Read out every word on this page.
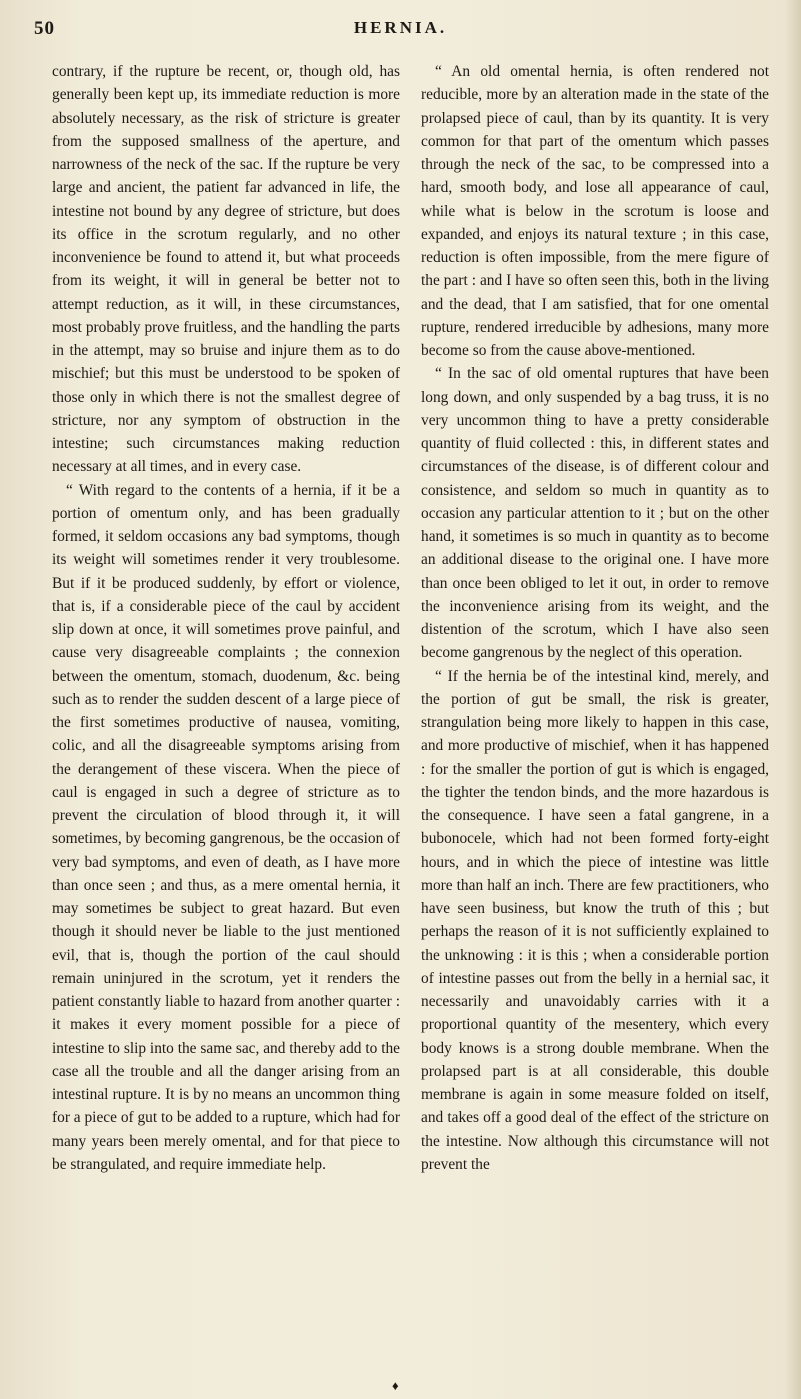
50	HERNIA.

contrary, if the rupture be recent, or, though old, has generally been kept up, its immediate reduction is more absolutely necessary, as the risk of stricture is greater from the supposed smallness of the aperture, and narrowness of the neck of the sac. If the rupture be very large and ancient, the patient far advanced in life, the intestine not bound by any degree of stricture, but does its office in the scrotum regularly, and no other inconvenience be found to attend it, but what proceeds from its weight, it will in general be better not to attempt reduction, as it will, in these circumstances, most probably prove fruitless, and the handling the parts in the attempt, may so bruise and injure them as to do mischief; but this must be understood to be spoken of those only in which there is not the smallest degree of stricture, nor any symptom of obstruction in the intestine; such circumstances making reduction necessary at all times, and in every case.

“ With regard to the contents of a hernia, if it be a portion of omentum only, and has been gradually formed, it seldom occasions any bad symptoms, though its weight will sometimes render it very troublesome. But if it be produced suddenly, by effort or violence, that is, if a considerable piece of the caul by accident slip down at once, it will sometimes prove painful, and cause very disagreeable complaints ; the connexion between the omentum, stomach, duodenum, &c. being such as to render the sudden descent of a large piece of the first sometimes productive of nausea, vomiting, colic, and all the disagreeable symptoms arising from the derangement of these viscera. When the piece of caul is engaged in such a degree of stricture as to prevent the circulation of blood through it, it will sometimes, by becoming gangrenous, be the occasion of very bad symptoms, and even of death, as I have more than once seen ; and thus, as a mere omental hernia, it may sometimes be subject to great hazard. But even though it should never be liable to the just mentioned evil, that is, though the portion of the caul should remain uninjured in the scrotum, yet it renders the patient constantly liable to hazard from another quarter : it makes it every moment possible for a piece of intestine to slip into the same sac, and thereby add to the case all the trouble and all the danger arising from an intestinal rupture. It is by no means an uncommon thing for a piece of gut to be added to a rupture, which had for many years been merely omental, and for that piece to be strangulated, and require immediate help.

“ An old omental hernia, is often rendered not reducible, more by an alteration made in the state of the prolapsed piece of caul, than by its quantity. It is very common for that part of the omentum which passes through the neck of the sac, to be compressed into a hard, smooth body, and lose all appearance of caul, while what is below in the scrotum is loose and expanded, and enjoys its natural texture ; in this case, reduction is often impossible, from the mere figure of the part : and I have so often seen this, both in the living and the dead, that I am satisfied, that for one omental rupture, rendered irreducible by adhesions, many more become so from the cause above-mentioned.

“ In the sac of old omental ruptures that have been long down, and only suspended by a bag truss, it is no very uncommon thing to have a pretty considerable quantity of fluid collected : this, in different states and circumstances of the disease, is of different colour and consistence, and seldom so much in quantity as to occasion any particular attention to it ; but on the other hand, it sometimes is so much in quantity as to become an additional disease to the original one. I have more than once been obliged to let it out, in order to remove the inconvenience arising from its weight, and the distention of the scrotum, which I have also seen become gangrenous by the neglect of this operation.

“ If the hernia be of the intestinal kind, merely, and the portion of gut be small, the risk is greater, strangulation being more likely to happen in this case, and more productive of mischief, when it has happened : for the smaller the portion of gut is which is engaged, the tighter the tendon binds, and the more hazardous is the consequence. I have seen a fatal gangrene, in a bubonocele, which had not been formed forty-eight hours, and in which the piece of intestine was little more than half an inch. There are few practitioners, who have seen business, but know the truth of this ; but perhaps the reason of it is not sufficiently explained to the unknowing : it is this ; when a considerable portion of intestine passes out from the belly in a hernial sac, it necessarily and unavoidably carries with it a proportional quantity of the mesentery, which every body knows is a strong double membrane. When the prolapsed part is at all considerable, this double membrane is again in some measure folded on itself, and takes off a good deal of the effect of the stricture on the intestine. Now although this circumstance will not prevent the

♦
